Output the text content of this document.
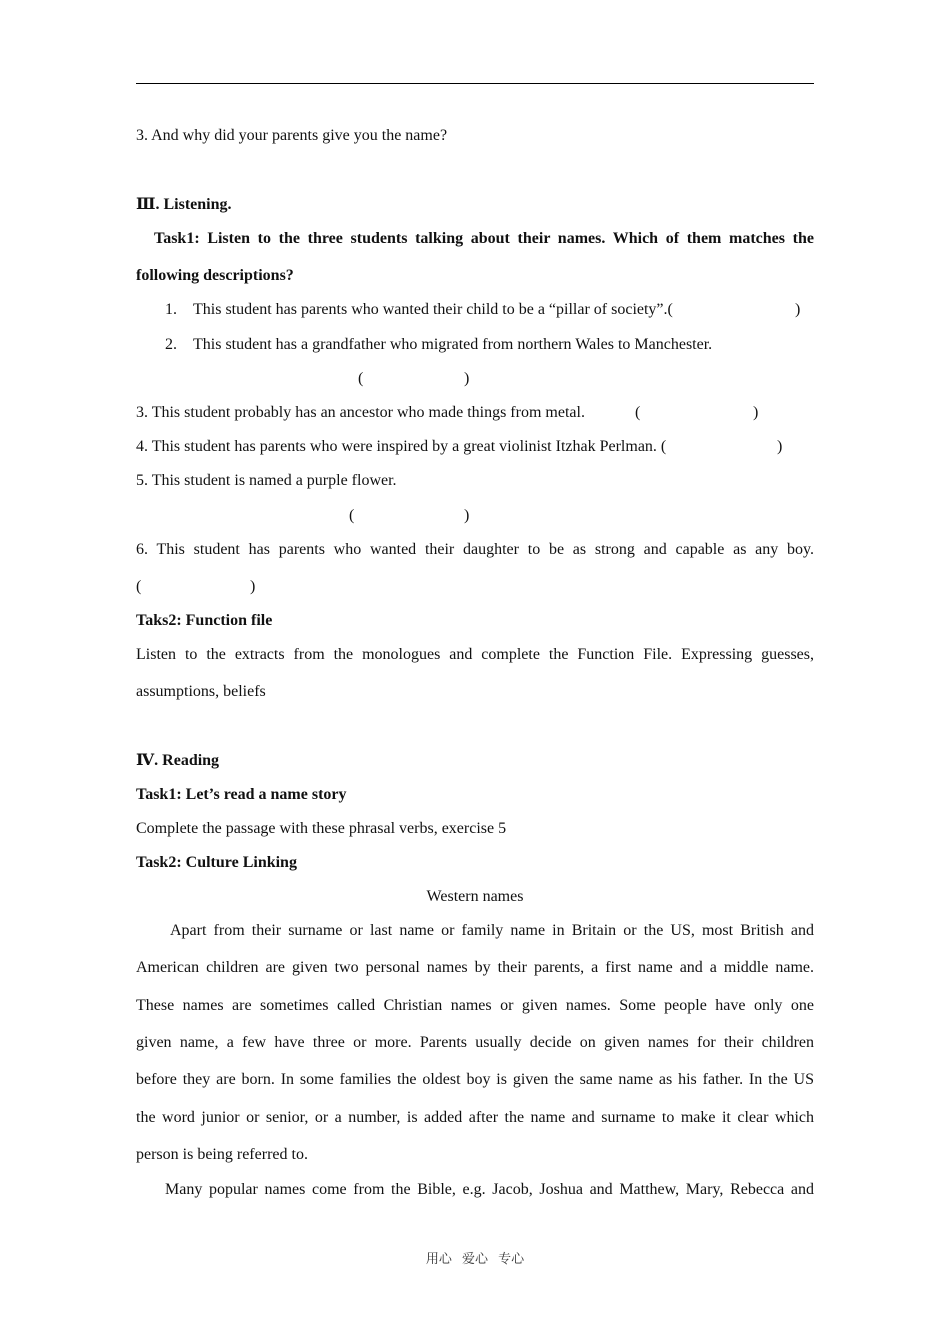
3. And why did your parents give you the name?
Ⅲ. Listening.
Task1: Listen to the three students talking about their names. Which of them matches the
following descriptions?
1. This student has parents who wanted their child to be a “pillar of society”.(	)
2. This student has a grandfather who migrated from northern Wales to Manchester.
(	)
3. This student probably has an ancestor who made things from metal.	(	)
4. This student has parents who were inspired by a great violinist Itzhak Perlman. (	)
5. This student is named a purple flower.
(	)
6. This student has parents who wanted their daughter to be as strong and capable as any boy.
(	)
Taks2: Function file
Listen to the extracts from the monologues and complete the Function File. Expressing guesses,
assumptions, beliefs
Ⅳ. Reading
Task1: Let’s read a name story
Complete the passage with these phrasal verbs, exercise 5
Task2: Culture Linking
Western names
Apart from their surname or last name or family name in Britain or the US, most British and
American children are given two personal names by their parents, a first name and a middle name.
These names are sometimes called Christian names or given names. Some people have only one
given name, a few have three or more. Parents usually decide on given names for their children
before they are born. In some families the oldest boy is given the same name as his father. In the US
the word junior or senior, or a number, is added after the name and surname to make it clear which
person is being referred to.
Many popular names come from the Bible, e.g. Jacob, Joshua and Matthew, Mary, Rebecca and
用心 爱心 专心
